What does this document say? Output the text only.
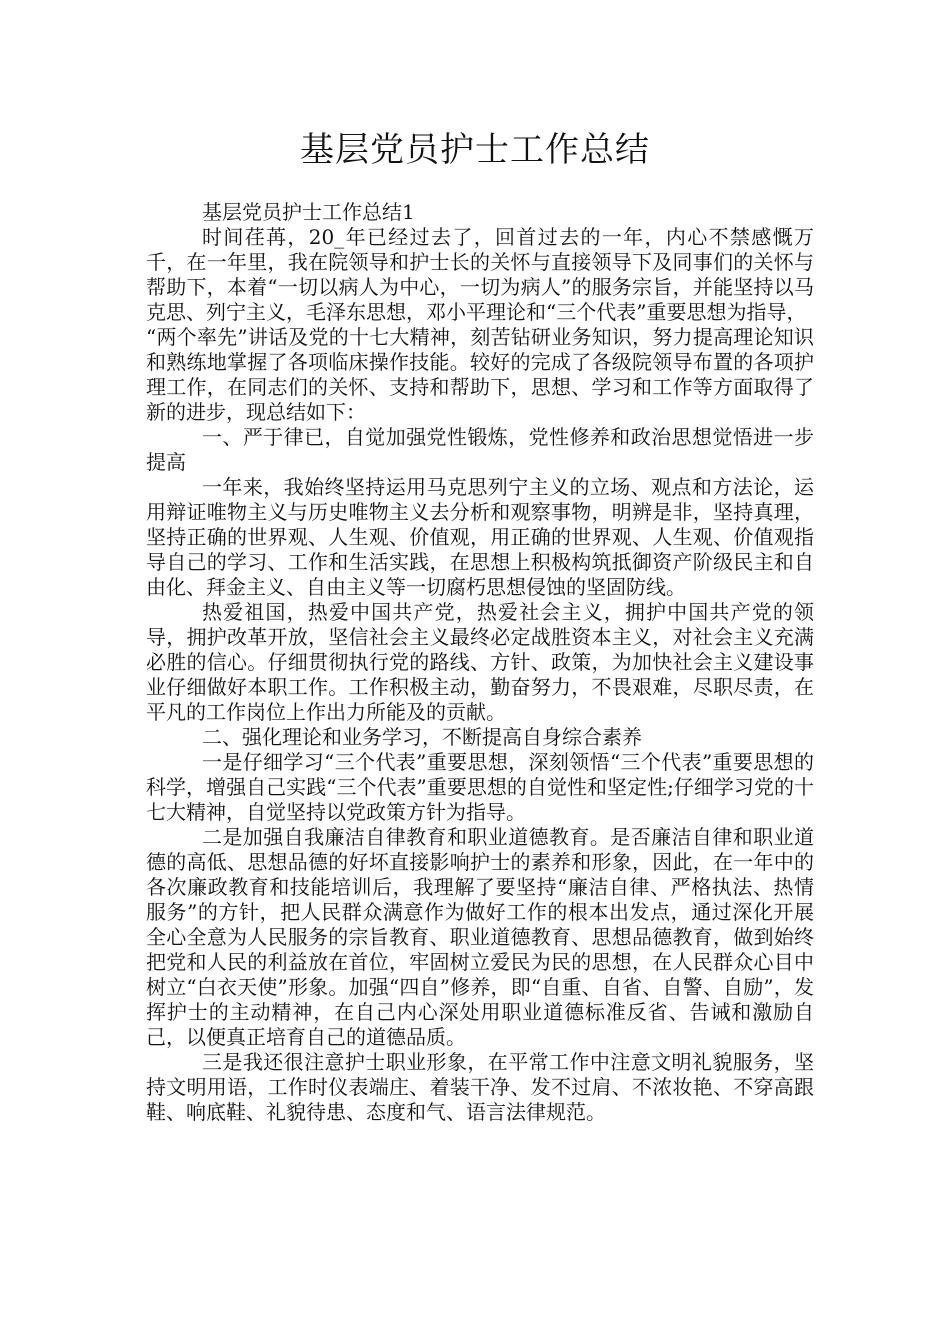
基层党员护士工作总结

基层党员护士工作总结1

时间荏苒，20_年已经过去了，回首过去的一年，内心不禁感慨万千，在一年里，我在院领导和护士长的关怀与直接领导下及同事们的关怀与帮助下，本着“一切以病人为中心，一切为病人”的服务宗旨，并能坚持以马克思、列宁主义，毛泽东思想，邓小平理论和“三个代表”重要思想为指导，

“两个率先”讲话及党的十七大精神，刻苦钻研业务知识，努力提高理论知识和熟练地掌握了各项临床操作技能。较好的完成了各级院领导布置的各项护理工作，在同志们的关怀、支持和帮助下，思想、学习和工作等方面取得了新的进步，现总结如下：

一、严于律已，自觉加强党性锻炼，党性修养和政治思想觉悟进一步提高

一年来，我始终坚持运用马克思列宁主义的立场、观点和方法论，运用辩证唯物主义与历史唯物主义去分析和观察事物，明辨是非，坚持真理，坚持正确的世界观、人生观、价值观，用正确的世界观、人生观、价值观指导自己的学习、工作和生活实践，在思想上积极构筑抵御资产阶级民主和自由化、拜金主义、自由主义等一切腐朽思想侵蚀的坚固防线。

热爱祖国，热爱中国共产党，热爱社会主义，拥护中国共产党的领导，拥护改革开放，坚信社会主义最终必定战胜资本主义，对社会主义充满必胜的信心。仔细贯彻执行党的路线、方针、政策，为加快社会主义建设事业仔细做好本职工作。工作积极主动，勤奋努力，不畏艰难，尽职尽责，在平凡的工作岗位上作出力所能及的贡献。

二、强化理论和业务学习，不断提高自身综合素养

一是仔细学习“三个代表”重要思想，深刻领悟“三个代表”重要思想的科学，增强自己实践“三个代表”重要思想的自觉性和坚定性;仔细学习党的十七大精神，自觉坚持以党政策方针为指导。

二是加强自我廉洁自律教育和职业道德教育。是否廉洁自律和职业道德的高低、思想品德的好坏直接影响护士的素养和形象，因此，在一年中的各次廉政教育和技能培训后，我理解了要坚持“廉洁自律、严格执法、热情服务”的方针，把人民群众满意作为做好工作的根本出发点，通过深化开展全心全意为人民服务的宗旨教育、职业道德教育、思想品德教育，做到始终把党和人民的利益放在首位，牢固树立爱民为民的思想，在人民群众心目中树立“白衣天使”形象。加强“四自”修养，即“自重、自省、自警、自励”，发挥护士的主动精神，在自己内心深处用职业道德标准反省、告诫和激励自己，以便真正培育自己的道德品质。

三是我还很注意护士职业形象，在平常工作中注意文明礼貌服务，坚持文明用语，工作时仪表端庄、着装干净、发不过肩、不浓妆艳、不穿高跟鞋、响底鞋、礼貌待患、态度和气、语言法律规范。
